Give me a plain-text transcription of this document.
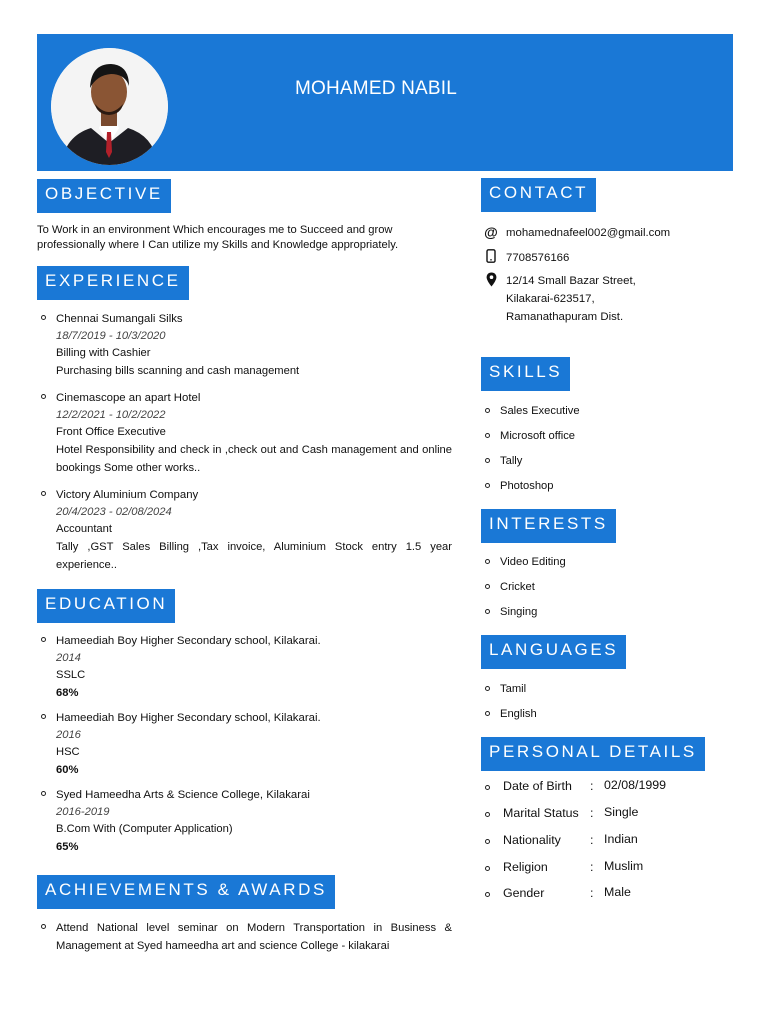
MOHAMED NABIL
OBJECTIVE
To Work in an environment Which encourages me to Succeed and grow professionally where I Can utilize my Skills and Knowledge appropriately.
EXPERIENCE
Chennai Sumangali Silks
18/7/2019 - 10/3/2020
Billing with Cashier
Purchasing bills scanning and cash management
Cinemascope an apart Hotel
12/2/2021 - 10/2/2022
Front Office Executive
Hotel Responsibility and check in ,check out and Cash management and online bookings Some other works..
Victory Aluminium Company
20/4/2023 - 02/08/2024
Accountant
Tally ,GST Sales Billing ,Tax invoice, Aluminium Stock entry 1.5 year experience..
EDUCATION
Hameediah Boy Higher Secondary school, Kilakarai.
2014
SSLC
68%
Hameediah Boy Higher Secondary school, Kilakarai.
2016
HSC
60%
Syed Hameedha Arts & Science College, Kilakarai
2016-2019
B.Com With (Computer Application)
65%
ACHIEVEMENTS & AWARDS
Attend National level seminar on Modern Transportation in Business & Management at Syed hameedha art and science College - kilakarai
CONTACT
@ mohamednafeel002@gmail.com
7708576166
12/14 Small Bazar Street,
Kilakarai-623517,
Ramanathapuram Dist.
SKILLS
Sales Executive
Microsoft office
Tally
Photoshop
INTERESTS
Video Editing
Cricket
Singing
LANGUAGES
Tamil
English
PERSONAL DETAILS
Date of Birth : 02/08/1999
Marital Status : Single
Nationality : Indian
Religion	: Muslim
Gender	: Male
